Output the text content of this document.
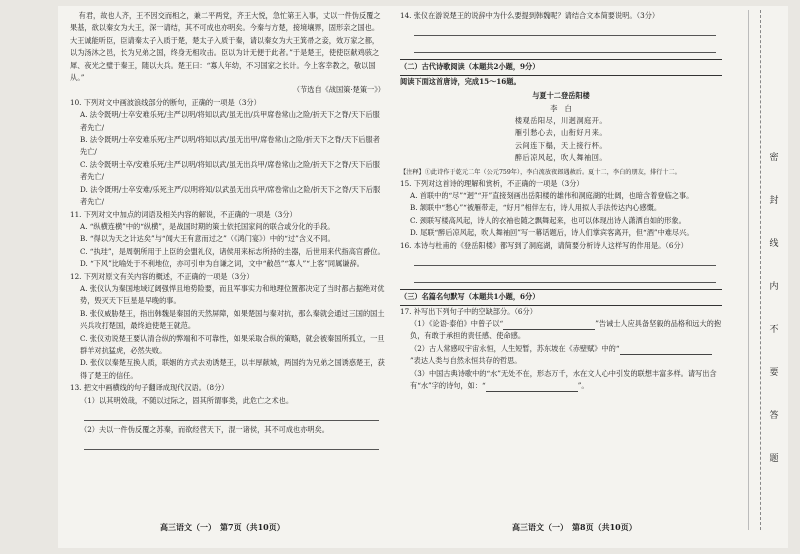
有君，故也人齐，王不因交而相之，兼二平两党，齐王大悦，急忙第王入事，丈以一件伪反覆之果基，欲以秦女为大王，深一请结，其不可成也亦明矣。今秦与方楚，接境壤界，固形亲之国也。大王诚能听臣，臣请秦太子入质于楚，楚太子入质于秦，请以秦女为大王箕帚之妾，效万家之都，以为汤沐之邑，长为兄弟之国，终身无相攻击。臣以为计无便于此者。”于是楚王，使使臣献鸡骇之犀、夜光之璧于秦王，随以大兵。楚王曰：“寡人年幼，不习国家之长计。今上客幸教之，敬以国从。”

（节选自《战国策·楚策一》）

10. 下列对文中画波浪线部分的断句，正确的一项是（3分）

A. 法令既明/士卒安难乐死/主严以明/将知以武/虽无出/兵甲席卷常山之险/折天下之脊/天下后服者先亡/

B. 法令既明/士卒安难乐死/主严以明/将知以武/虽无出甲/席卷常山之险/折天下之脊/天下后服者先亡/

C. 法令既明士卒/安难乐死/主严以明/将知以武/虽无出兵甲/席卷常山之险/折天下之脊/天下后服者先亡/

D. 法令既明/士卒安难/乐死主严/以明将知/以武虽无出兵甲/席卷常山之险/折天下之脊/天下后服者先亡/

11. 下列对文中加点的词语及相关内容的解说，不正确的一项是（3分）

A. “纵横连横”中的“纵横”，是战国时期的策士依托国家间的联合或分化的手段。

B. “得以为天之计达矣”与“闻大王有意而过之”（《鸿门宴》）中的“过”含义不同。

C. “执珪”，是周朝所用于上臣的会盟礼仪，诸侯用来标志所持的圭器，后世用来代指高官爵位。

D. “下风”比喻处于不利地位，亦可引申为自谦之词，文中“敝邑”“寡人”“上客”同属谦辞。

12. 下列对原文有关内容的概述，不正确的一项是（3分）

A. 张仪认为秦国地域辽阔强悍且地势险要，而且军事实力和地理位置都决定了当时都占据绝对优势，毁灭天下巨星是早晚的事。

B. 张仪威胁楚王，指出韩魏是秦国的天然屏障，如果楚国与秦对抗，那么秦就会通过三国的国土兴兵攻打楚国，最终迫使楚王就范。

C. 张仪劝说楚王要认清合纵的弊端和不可靠性，如果采取合纵的策略，就会被秦国所孤立，一旦群羊对抗猛虎，必然失败。

D. 张仪以秦楚互换人质，联姻的方式去劝诱楚王，以丰厚献城，两国约为兄弟之国诱惑楚王，获得了楚王的信任。

13. 把文中画横线的句子翻译成现代汉语。（8分）

（1）以其明效哉，不随以过际之，固其所谓事类，此危亡之术也。

（2）夫以一件伪反覆之苏秦，而欲经营天下，混一诸侯，其不可成也亦明矣。

14. 张仪在游说楚王的说辞中为什么要提到韩魏呢？请结合文本简要说明。（3分）

（二）古代诗歌阅读（本题共2小题，9分）

阅读下面这首唐诗，完成15～16题。

与夏十二登岳阳楼

李　白

楼观岳阳尽，川迥洞庭开。

雁引愁心去，山衔好月来。

云间连下榻，天上接行杯。

醉后凉风起，吹人舞袖回。

【注释】①此诗作于乾元二年（公元759年），李白流放夜郎遇赦后。夏十二，李白的朋友，排行十二。

15. 下列对这首诗的理解和赏析，不正确的一项是（3分）

A. 首联中的“尽”“迥”“开”直接刻画出岳阳楼的雄伟和洞庭湖的壮阔，也暗含着登临之事。

B. 颔联中“愁心”“被雁带走，“好月”相伴左右，诗人用拟人手法传达内心感慨。

C. 颈联写楼高风起，诗人的衣袖也随之飘舞起来，也可以体现出诗人潇洒自如的形象。

D. 尾联“醉后凉风起，吹人舞袖回”写一幕话题后，诗人们掌宾客离开，但“酒”中难尽兴。

16. 本诗与杜甫的《登岳阳楼》都写到了洞庭湖，请简要分析诗人这样写的作用是。（6分）

（三）名篇名句默写（本题共1小题，6分）

17. 补写出下列句子中的空缺部分。（6分）

（1）《论语·泰伯》中曾子以“	”告诫士人应具备坚毅的品格和远大的抱负，有敢于承担的责任感、使命感。

（2）古人常感叹宇宙永恒，人生短暂，苏东坡在《赤壁赋》中的“”表达人类与自然永恒共存的哲思。

（3）中国古典诗歌中的“水”无处不在，形态万千，水在文人心中引发的联想丰富多样。请写出含有“水”字的诗句，如：“	”。

高三语文（一）　第7页（共10页）	高三语文（一）　第8页（共10页）
密
封
线
内
不
要
答
题
